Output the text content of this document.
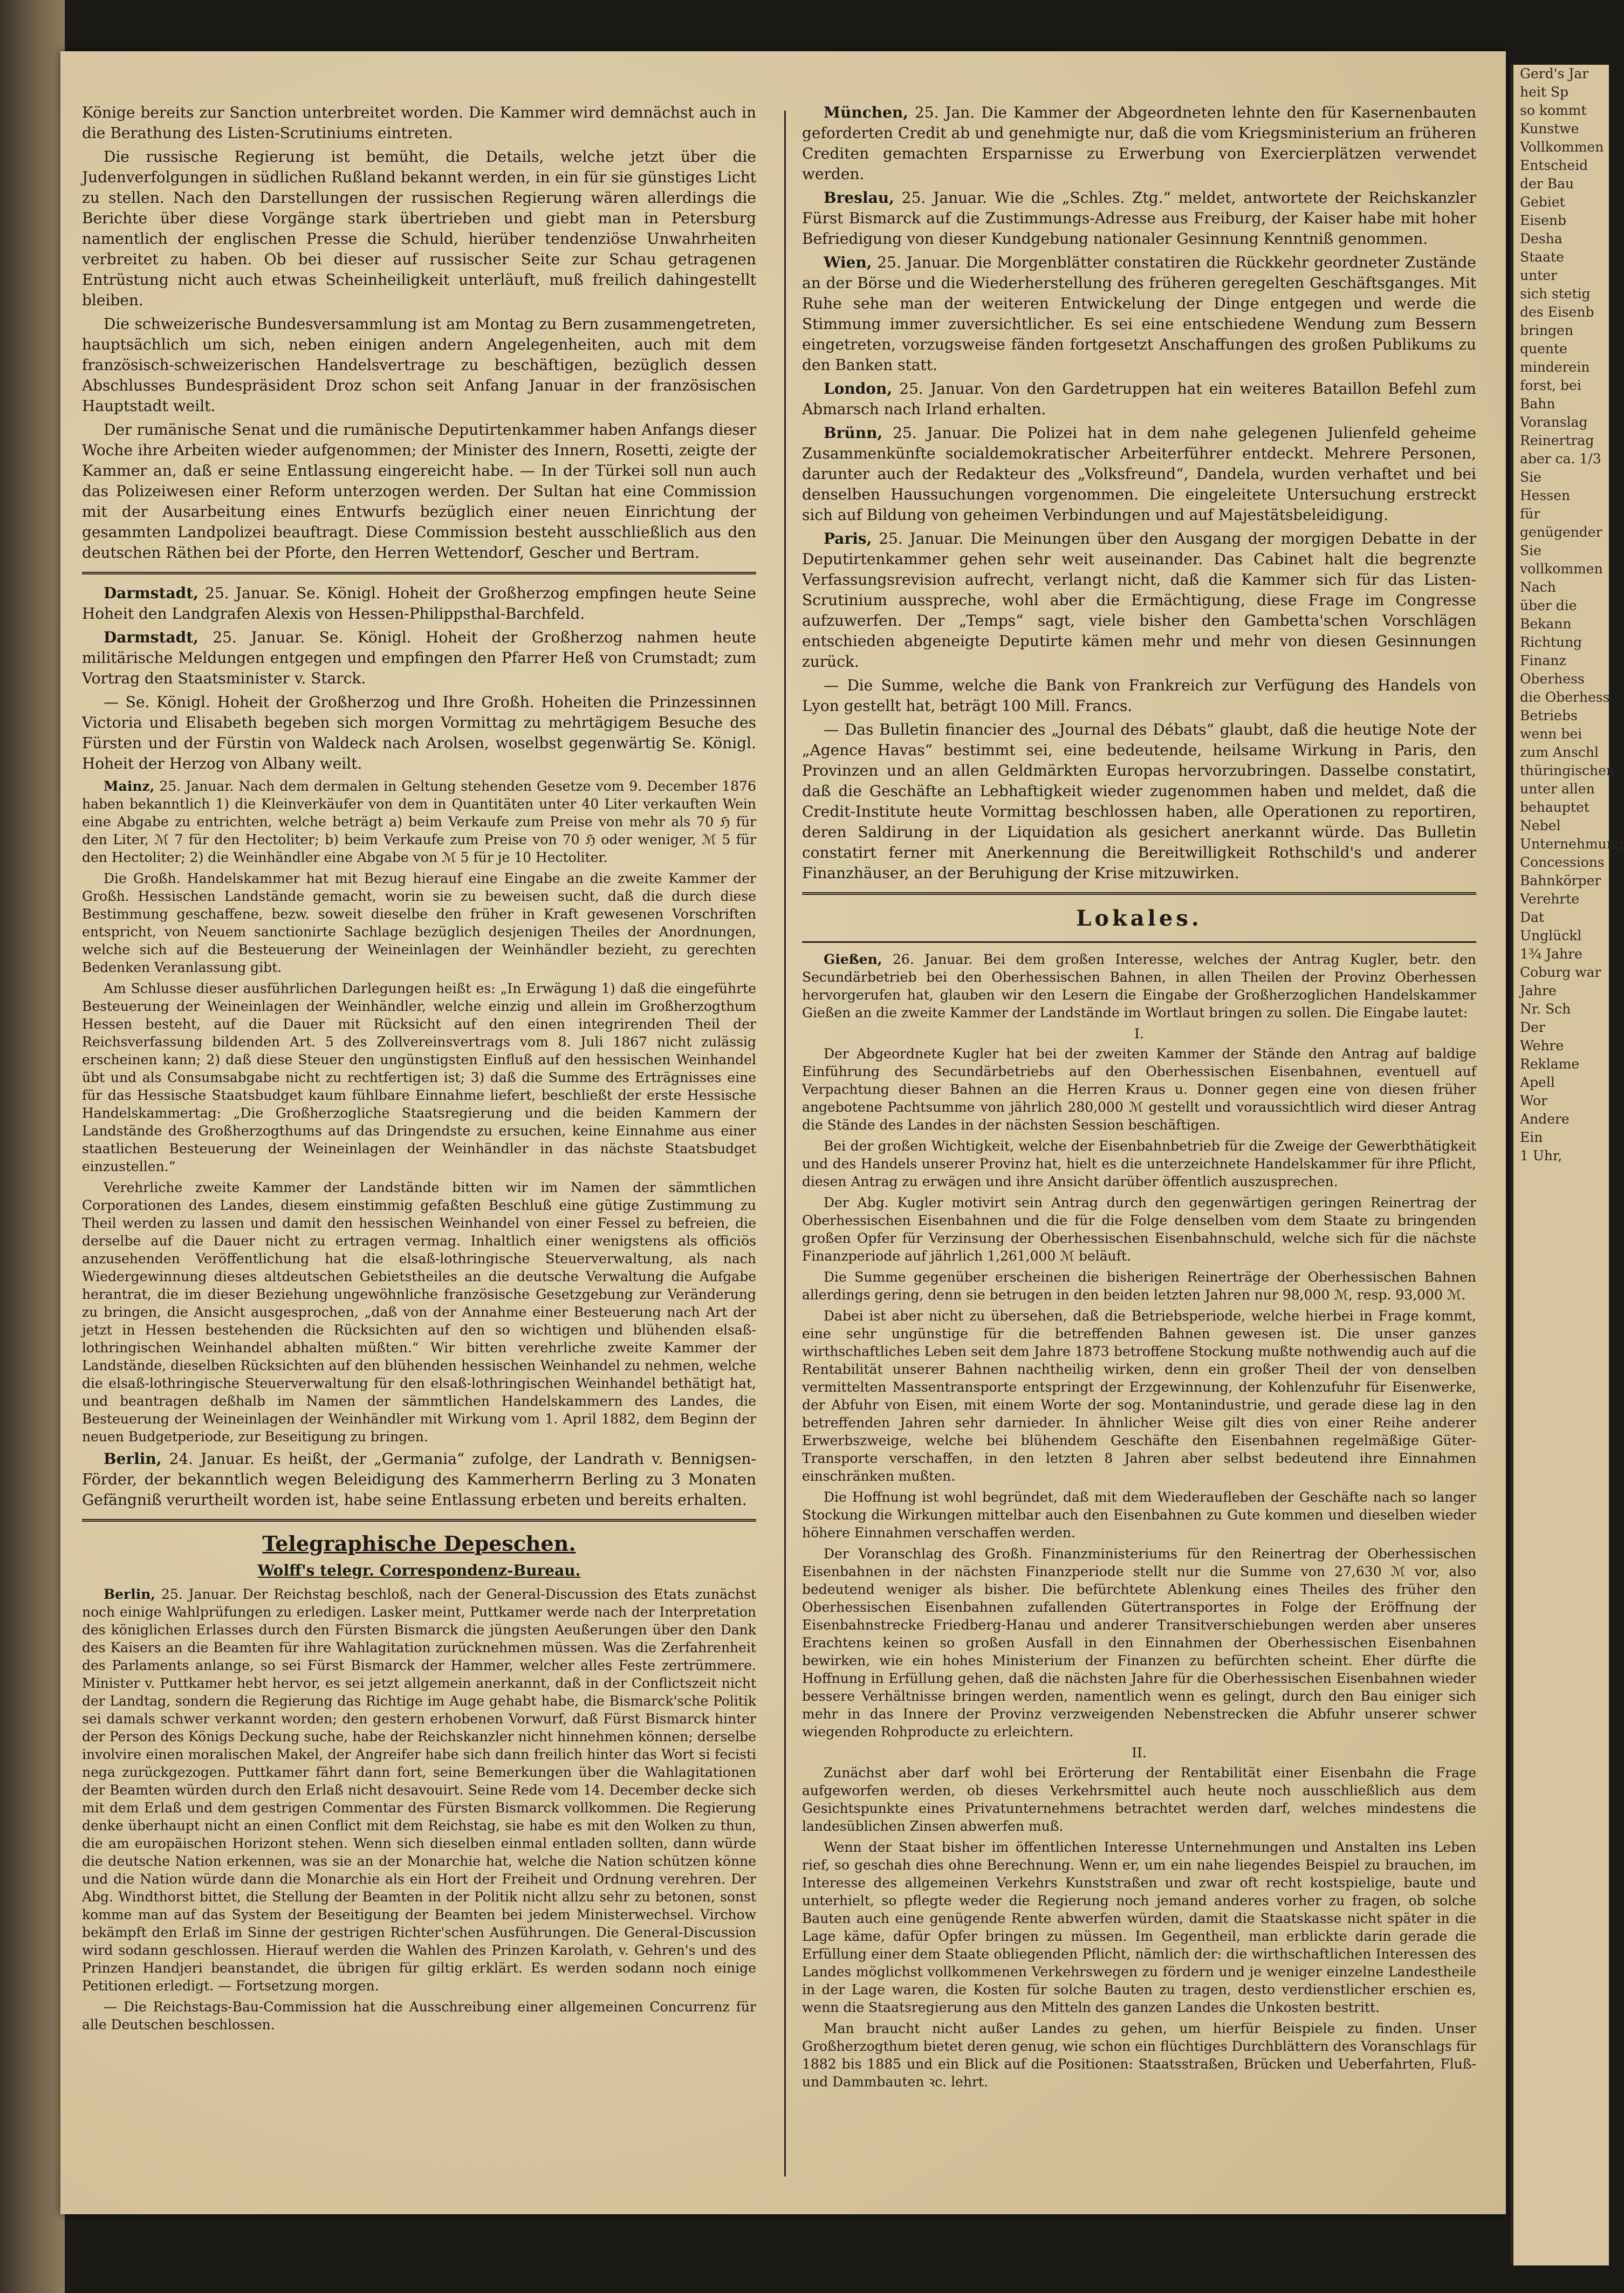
Könige bereits zur Sanction unterbreitet worden. Die Kammer wird demnächst auch in die Berathung des Listen-Scrutiniums eintreten.

Die russische Regierung ist bemüht, die Details, welche jetzt über die Judenverfolgungen in südlichen Rußland bekannt werden, in ein für sie günstiges Licht zu stellen. Nach den Darstellungen der russischen Regierung wären allerdings die Berichte über diese Vorgänge stark übertrieben und giebt man in Petersburg namentlich der englischen Presse die Schuld, hierüber tendenziöse Unwahrheiten verbreitet zu haben. Ob bei dieser auf russischer Seite zur Schau getragenen Entrüstung nicht auch etwas Scheinheiligkeit unterläuft, muß freilich dahingestellt bleiben.

Die schweizerische Bundesversammlung ist am Montag zu Bern zusammengetreten, hauptsächlich um sich, neben einigen andern Angelegenheiten, auch mit dem französisch-schweizerischen Handelsvertrage zu beschäftigen, bezüglich dessen Abschlusses Bundespräsident Droz schon seit Anfang Januar in der französischen Hauptstadt weilt.

Der rumänische Senat und die rumänische Deputirtenkammer haben Anfangs dieser Woche ihre Arbeiten wieder aufgenommen; der Minister des Innern, Rosetti, zeigte der Kammer an, daß er seine Entlassung eingereicht habe. — In der Türkei soll nun auch das Polizeiwesen einer Reform unterzogen werden. Der Sultan hat eine Commission mit der Ausarbeitung eines Entwurfs bezüglich einer neuen Einrichtung der gesammten Landpolizei beauftragt. Diese Commission besteht ausschließlich aus den deutschen Räthen bei der Pforte, den Herren Wettendorf, Gescher und Bertram.

Darmstadt, 25. Januar. Se. Königl. Hoheit der Großherzog empfingen heute Seine Hoheit den Landgrafen Alexis von Hessen-Philippsthal-Barchfeld.

Darmstadt, 25. Januar. Se. Königl. Hoheit der Großherzog nahmen heute militärische Meldungen entgegen und empfingen den Pfarrer Heß von Crumstadt; zum Vortrag den Staatsminister v. Starck.

— Se. Königl. Hoheit der Großherzog und Ihre Großh. Hoheiten die Prinzessinnen Victoria und Elisabeth begeben sich morgen Vormittag zu mehrtägigem Besuche des Fürsten und der Fürstin von Waldeck nach Arolsen, woselbst gegenwärtig Se. Königl. Hoheit der Herzog von Albany weilt.

Mainz, 25. Januar. Nach dem dermalen in Geltung stehenden Gesetze vom 9. December 1876 haben bekanntlich 1) die Kleinverkäufer von dem in Quantitäten unter 40 Liter verkauften Wein eine Abgabe zu entrichten, welche beträgt a) beim Verkaufe zum Preise von mehr als 70 ℌ für den Liter, ℳ 7 für den Hectoliter; b) beim Verkaufe zum Preise von 70 ℌ oder weniger, ℳ 5 für den Hectoliter; 2) die Weinhändler eine Abgabe von ℳ 5 für je 10 Hectoliter.

Die Großh. Handelskammer hat mit Bezug hierauf eine Eingabe an die zweite Kammer der Großh. Hessischen Landstände gemacht, worin sie zu beweisen sucht, daß die durch diese Bestimmung geschaffene, bezw. soweit dieselbe den früher in Kraft gewesenen Vorschriften entspricht, von Neuem sanctionirte Sachlage bezüglich desjenigen Theiles der Anordnungen, welche sich auf die Besteuerung der Weineinlagen der Weinhändler bezieht, zu gerechten Bedenken Veranlassung gibt.

Am Schlusse dieser ausführlichen Darlegungen heißt es: „In Erwägung 1) daß die eingeführte Besteuerung der Weineinlagen der Weinhändler, welche einzig und allein im Großherzogthum Hessen besteht, auf die Dauer mit Rücksicht auf den einen integrirenden Theil der Reichsverfassung bildenden Art. 5 des Zollvereinsvertrags vom 8. Juli 1867 nicht zulässig erscheinen kann; 2) daß diese Steuer den ungünstigsten Einfluß auf den hessischen Weinhandel übt und als Consumsabgabe nicht zu rechtfertigen ist; 3) daß die Summe des Erträgnisses eine für das Hessische Staatsbudget kaum fühlbare Einnahme liefert, beschließt der erste Hessische Handelskammertag: „Die Großherzogliche Staatsregierung und die beiden Kammern der Landstände des Großherzogthums auf das Dringendste zu ersuchen, keine Einnahme aus einer staatlichen Besteuerung der Weineinlagen der Weinhändler in das nächste Staatsbudget einzustellen.“

Verehrliche zweite Kammer der Landstände bitten wir im Namen der sämmtlichen Corporationen des Landes, diesem einstimmig gefaßten Beschluß eine gütige Zustimmung zu Theil werden zu lassen und damit den hessischen Weinhandel von einer Fessel zu befreien, die derselbe auf die Dauer nicht zu ertragen vermag. Inhaltlich einer wenigstens als officiös anzusehenden Veröffentlichung hat die elsaß-lothringische Steuerverwaltung, als nach Wiedergewinnung dieses altdeutschen Gebietstheiles an die deutsche Verwaltung die Aufgabe herantrat, die im dieser Beziehung ungewöhnliche französische Gesetzgebung zur Veränderung zu bringen, die Ansicht ausgesprochen, „daß von der Annahme einer Besteuerung nach Art der jetzt in Hessen bestehenden die Rücksichten auf den so wichtigen und blühenden elsaß-lothringischen Weinhandel abhalten müßten.“ Wir bitten verehrliche zweite Kammer der Landstände, dieselben Rücksichten auf den blühenden hessischen Weinhandel zu nehmen, welche die elsaß-lothringische Steuerverwaltung für den elsaß-lothringischen Weinhandel bethätigt hat, und beantragen deßhalb im Namen der sämmtlichen Handelskammern des Landes, die Besteuerung der Weineinlagen der Weinhändler mit Wirkung vom 1. April 1882, dem Beginn der neuen Budgetperiode, zur Beseitigung zu bringen.

Berlin, 24. Januar. Es heißt, der „Germania“ zufolge, der Landrath v. Bennigsen-Förder, der bekanntlich wegen Beleidigung des Kammerherrn Berling zu 3 Monaten Gefängniß verurtheilt worden ist, habe seine Entlassung erbeten und bereits erhalten.

Telegraphische Depeschen.
Wolff's telegr. Correspondenz-Bureau.

Berlin, 25. Januar. Der Reichstag beschloß, nach der General-Discussion des Etats zunächst noch einige Wahlprüfungen zu erledigen. Lasker meint, Puttkamer werde nach der Interpretation des königlichen Erlasses durch den Fürsten Bismarck die jüngsten Aeußerungen über den Dank des Kaisers an die Beamten für ihre Wahlagitation zurücknehmen müssen. Was die Zerfahrenheit des Parlaments anlange, so sei Fürst Bismarck der Hammer, welcher alles Feste zertrümmere. Minister v. Puttkamer hebt hervor, es sei jetzt allgemein anerkannt, daß in der Conflictszeit nicht der Landtag, sondern die Regierung das Richtige im Auge gehabt habe, die Bismarck'sche Politik sei damals schwer verkannt worden; den gestern erhobenen Vorwurf, daß Fürst Bismarck hinter der Person des Königs Deckung suche, habe der Reichskanzler nicht hinnehmen können; derselbe involvire einen moralischen Makel, der Angreifer habe sich dann freilich hinter das Wort si fecisti nega zurückgezogen. Puttkamer fährt dann fort, seine Bemerkungen über die Wahlagitationen der Beamten würden durch den Erlaß nicht desavouirt. Seine Rede vom 14. December decke sich mit dem Erlaß und dem gestrigen Commentar des Fürsten Bismarck vollkommen. Die Regierung denke überhaupt nicht an einen Conflict mit dem Reichstag, sie habe es mit den Wolken zu thun, die am europäischen Horizont stehen. Wenn sich dieselben einmal entladen sollten, dann würde die deutsche Nation erkennen, was sie an der Monarchie hat, welche die Nation schützen könne und die Nation würde dann die Monarchie als ein Hort der Freiheit und Ordnung verehren. Der Abg. Windthorst bittet, die Stellung der Beamten in der Politik nicht allzu sehr zu betonen, sonst komme man auf das System der Beseitigung der Beamten bei jedem Ministerwechsel. Virchow bekämpft den Erlaß im Sinne der gestrigen Richter'schen Ausführungen. Die General-Discussion wird sodann geschlossen. Hierauf werden die Wahlen des Prinzen Karolath, v. Gehren's und des Prinzen Handjeri beanstandet, die übrigen für giltig erklärt. Es werden sodann noch einige Petitionen erledigt. — Fortsetzung morgen.

— Die Reichstags-Bau-Commission hat die Ausschreibung einer allgemeinen Concurrenz für alle Deutschen beschlossen.

München, 25. Jan. Die Kammer der Abgeordneten lehnte den für Kasernenbauten geforderten Credit ab und genehmigte nur, daß die vom Kriegsministerium an früheren Crediten gemachten Ersparnisse zu Erwerbung von Exercierplätzen verwendet werden.

Breslau, 25. Januar. Wie die „Schles. Ztg.“ meldet, antwortete der Reichskanzler Fürst Bismarck auf die Zustimmungs-Adresse aus Freiburg, der Kaiser habe mit hoher Befriedigung von dieser Kundgebung nationaler Gesinnung Kenntniß genommen.

Wien, 25. Januar. Die Morgenblätter constatiren die Rückkehr geordneter Zustände an der Börse und die Wiederherstellung des früheren geregelten Geschäftsganges. Mit Ruhe sehe man der weiteren Entwickelung der Dinge entgegen und werde die Stimmung immer zuversichtlicher. Es sei eine entschiedene Wendung zum Bessern eingetreten, vorzugsweise fänden fortgesetzt Anschaffungen des großen Publikums zu den Banken statt.

London, 25. Januar. Von den Gardetruppen hat ein weiteres Bataillon Befehl zum Abmarsch nach Irland erhalten.

Brünn, 25. Januar. Die Polizei hat in dem nahe gelegenen Julienfeld geheime Zusammenkünfte socialdemokratischer Arbeiterführer entdeckt. Mehrere Personen, darunter auch der Redakteur des „Volksfreund“, Dandela, wurden verhaftet und bei denselben Haussuchungen vorgenommen. Die eingeleitete Untersuchung erstreckt sich auf Bildung von geheimen Verbindungen und auf Majestätsbeleidigung.

Paris, 25. Januar. Die Meinungen über den Ausgang der morgigen Debatte in der Deputirtenkammer gehen sehr weit auseinander. Das Cabinet halt die begrenzte Verfassungsrevision aufrecht, verlangt nicht, daß die Kammer sich für das Listen-Scrutinium ausspreche, wohl aber die Ermächtigung, diese Frage im Congresse aufzuwerfen. Der „Temps“ sagt, viele bisher den Gambetta'schen Vorschlägen entschieden abgeneigte Deputirte kämen mehr und mehr von diesen Gesinnungen zurück.

— Die Summe, welche die Bank von Frankreich zur Verfügung des Handels von Lyon gestellt hat, beträgt 100 Mill. Francs.

— Das Bulletin financier des „Journal des Débats“ glaubt, daß die heutige Note der „Agence Havas“ bestimmt sei, eine bedeutende, heilsame Wirkung in Paris, den Provinzen und an allen Geldmärkten Europas hervorzubringen. Dasselbe constatirt, daß die Geschäfte an Lebhaftigkeit wieder zugenommen haben und meldet, daß die Credit-Institute heute Vormittag beschlossen haben, alle Operationen zu reportiren, deren Saldirung in der Liquidation als gesichert anerkannt würde. Das Bulletin constatirt ferner mit Anerkennung die Bereitwilligkeit Rothschild's und anderer Finanzhäuser, an der Beruhigung der Krise mitzuwirken.

Lokales.

Gießen, 26. Januar. Bei dem großen Interesse, welches der Antrag Kugler, betr. den Secundärbetrieb bei den Oberhessischen Bahnen, in allen Theilen der Provinz Oberhessen hervorgerufen hat, glauben wir den Lesern die Eingabe der Großherzoglichen Handelskammer Gießen an die zweite Kammer der Landstände im Wortlaut bringen zu sollen. Die Eingabe lautet:

I.

Der Abgeordnete Kugler hat bei der zweiten Kammer der Stände den Antrag auf baldige Einführung des Secundärbetriebs auf den Oberhessischen Eisenbahnen, eventuell auf Verpachtung dieser Bahnen an die Herren Kraus u. Donner gegen eine von diesen früher angebotene Pachtsumme von jährlich 280,000 ℳ gestellt und voraussichtlich wird dieser Antrag die Stände des Landes in der nächsten Session beschäftigen.

Bei der großen Wichtigkeit, welche der Eisenbahnbetrieb für die Zweige der Gewerbthätigkeit und des Handels unserer Provinz hat, hielt es die unterzeichnete Handelskammer für ihre Pflicht, diesen Antrag zu erwägen und ihre Ansicht darüber öffentlich auszusprechen.

Der Abg. Kugler motivirt sein Antrag durch den gegenwärtigen geringen Reinertrag der Oberhessischen Eisenbahnen und die für die Folge denselben vom dem Staate zu bringenden großen Opfer für Verzinsung der Oberhessischen Eisenbahnschuld, welche sich für die nächste Finanzperiode auf jährlich 1,261,000 ℳ beläuft.

Die Summe gegenüber erscheinen die bisherigen Reinerträge der Oberhessischen Bahnen allerdings gering, denn sie betrugen in den beiden letzten Jahren nur 98,000 ℳ, resp. 93,000 ℳ.

Dabei ist aber nicht zu übersehen, daß die Betriebsperiode, welche hierbei in Frage kommt, eine sehr ungünstige für die betreffenden Bahnen gewesen ist. Die unser ganzes wirthschaftliches Leben seit dem Jahre 1873 betroffene Stockung mußte nothwendig auch auf die Rentabilität unserer Bahnen nachtheilig wirken, denn ein großer Theil der von denselben vermittelten Massentransporte entspringt der Erzgewinnung, der Kohlenzufuhr für Eisenwerke, der Abfuhr von Eisen, mit einem Worte der sog. Montanindustrie, und gerade diese lag in den betreffenden Jahren sehr darnieder. In ähnlicher Weise gilt dies von einer Reihe anderer Erwerbszweige, welche bei blühendem Geschäfte den Eisenbahnen regelmäßige Güter-Transporte verschaffen, in den letzten 8 Jahren aber selbst bedeutend ihre Einnahmen einschränken mußten.

Die Hoffnung ist wohl begründet, daß mit dem Wiederaufleben der Geschäfte nach so langer Stockung die Wirkungen mittelbar auch den Eisenbahnen zu Gute kommen und dieselben wieder höhere Einnahmen verschaffen werden.

Der Voranschlag des Großh. Finanzministeriums für den Reinertrag der Oberhessischen Eisenbahnen in der nächsten Finanzperiode stellt nur die Summe von 27,630 ℳ vor, also bedeutend weniger als bisher. Die befürchtete Ablenkung eines Theiles des früher den Oberhessischen Eisenbahnen zufallenden Gütertransportes in Folge der Eröffnung der Eisenbahnstrecke Friedberg-Hanau und anderer Transitverschiebungen werden aber unseres Erachtens keinen so großen Ausfall in den Einnahmen der Oberhessischen Eisenbahnen bewirken, wie ein hohes Ministerium der Finanzen zu befürchten scheint. Eher dürfte die Hoffnung in Erfüllung gehen, daß die nächsten Jahre für die Oberhessischen Eisenbahnen wieder bessere Verhältnisse bringen werden, namentlich wenn es gelingt, durch den Bau einiger sich mehr in das Innere der Provinz verzweigenden Nebenstrecken die Abfuhr unserer schwer wiegenden Rohproducte zu erleichtern.

II.

Zunächst aber darf wohl bei Erörterung der Rentabilität einer Eisenbahn die Frage aufgeworfen werden, ob dieses Verkehrsmittel auch heute noch ausschließlich aus dem Gesichtspunkte eines Privatunternehmens betrachtet werden darf, welches mindestens die landesüblichen Zinsen abwerfen muß.

Wenn der Staat bisher im öffentlichen Interesse Unternehmungen und Anstalten ins Leben rief, so geschah dies ohne Berechnung. Wenn er, um ein nahe liegendes Beispiel zu brauchen, im Interesse des allgemeinen Verkehrs Kunststraßen und zwar oft recht kostspielige, baute und unterhielt, so pflegte weder die Regierung noch jemand anderes vorher zu fragen, ob solche Bauten auch eine genügende Rente abwerfen würden, damit die Staatskasse nicht später in die Lage käme, dafür Opfer bringen zu müssen. Im Gegentheil, man erblickte darin gerade die Erfüllung einer dem Staate obliegenden Pflicht, nämlich der: die wirthschaftlichen Interessen des Landes möglichst vollkommenen Verkehrswegen zu fördern und je weniger einzelne Landestheile in der Lage waren, die Kosten für solche Bauten zu tragen, desto verdienstlicher erschien es, wenn die Staatsregierung aus den Mitteln des ganzen Landes die Unkosten bestritt.

Man braucht nicht außer Landes zu gehen, um hierfür Beispiele zu finden. Unser Großherzogthum bietet deren genug, wie schon ein flüchtiges Durchblättern des Voranschlags für 1882 bis 1885 und ein Blick auf die Positionen: Staatsstraßen, Brücken und Ueberfahrten, Fluß- und Dammbauten ꝛc. lehrt.

Gerd's Jar
heit Sp
so kommt
Kunstwe
Vollkommen
Entscheid
der Bau
Gebiet
Eisenb
Desha
Staate
unter
sich stetig
des Eisenb
bringen
quente
minderein
forst, bei
Bahn
Voranslag
Reinertrag
aber ca. 1/3
Sie
Hessen
für
genügender
Sie
vollkommen
Nach
über die
Bekann
Richtung
Finanz
Oberhess
die Oberhess
Betriebs
wenn bei
zum Anschl
thüringischen
unter allen
behauptet
Nebel
Unternehmung
Concessions
Bahnkörper
Verehrte
Dat
Unglückl
1¾ Jahre
Coburg war
Jahre
Nr. Sch
Der
Wehre
Reklame
Apell
Wor
Andere
Ein
1 Uhr,
